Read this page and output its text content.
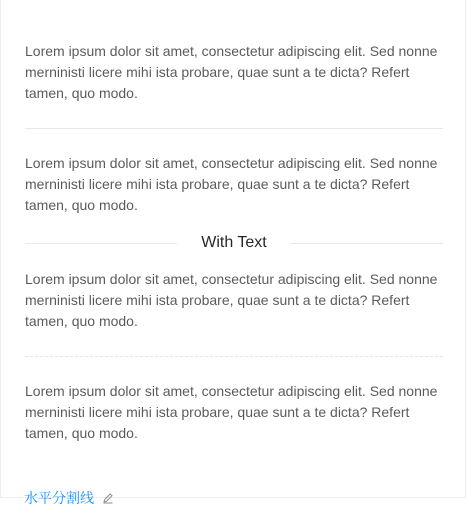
Lorem ipsum dolor sit amet, consectetur adipiscing elit. Sed nonne merninisti licere mihi ista probare, quae sunt a te dicta? Refert tamen, quo modo.

Lorem ipsum dolor sit amet, consectetur adipiscing elit. Sed nonne merninisti licere mihi ista probare, quae sunt a te dicta? Refert tamen, quo modo.

With Text

Lorem ipsum dolor sit amet, consectetur adipiscing elit. Sed nonne merninisti licere mihi ista probare, quae sunt a te dicta? Refert tamen, quo modo.

Lorem ipsum dolor sit amet, consectetur adipiscing elit. Sed nonne merninisti licere mihi ista probare, quae sunt a te dicta? Refert tamen, quo modo.

水平分割线
